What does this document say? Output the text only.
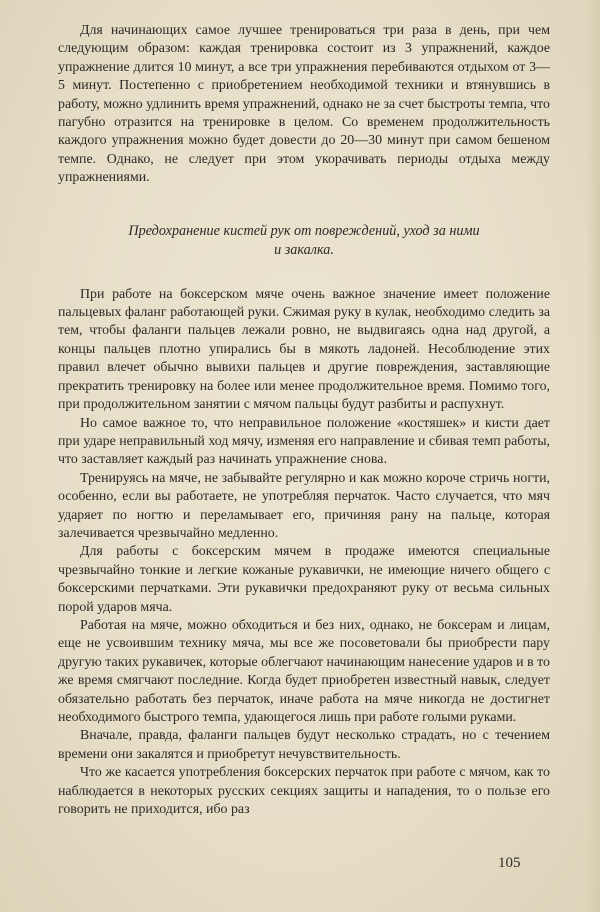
Для начинающих самое лучшее тренироваться три раза в день, при чем следующим образом: каждая тренировка состоит из 3 упражнений, каждое упражнение длится 10 минут, а все три упражнения перебиваются отдыхом от 3—5 минут. Постепенно с приобретением необходимой техники и втянувшись в работу, можно удлинить время упражнений, однако не за счет быстроты темпа, что пагубно отразится на тренировке в целом. Со временем продолжительность каждого упражнения можно будет довести до 20—30 минут при самом бешеном темпе. Однако, не следует при этом укорачивать периоды отдыха между упражнениями.

Предохранение кистей рук от повреждений, уход за ними
и закалка.

При работе на боксерском мяче очень важное значение имеет положение пальцевых фаланг работающей руки. Сжимая руку в кулак, необходимо следить за тем, чтобы фаланги пальцев лежали ровно, не выдвигаясь одна над другой, а концы пальцев плотно упирались бы в мякоть ладоней. Несоблюдение этих правил влечет обычно вывихи пальцев и другие повреждения, заставляющие прекратить тренировку на более или менее продолжительное время. Помимо того, при продолжительном занятии с мячом пальцы будут разбиты и распухнут.

Но самое важное то, что неправильное положение «костяшек» и кисти дает при ударе неправильный ход мячу, изменяя его направление и сбивая темп работы, что заставляет каждый раз начинать упражнение снова.

Тренируясь на мяче, не забывайте регулярно и как можно короче стричь ногти, особенно, если вы работаете, не употребляя перчаток. Часто случается, что мяч ударяет по ногтю и переламывает его, причиняя рану на пальце, которая залечивается чрезвычайно медленно.

Для работы с боксерским мячем в продаже имеются специальные чрезвычайно тонкие и легкие кожаные рукавички, не имеющие ничего общего с боксерскими перчатками. Эти рукавички предохраняют руку от весьма сильных порой ударов мяча.

Работая на мяче, можно обходиться и без них, однако, не боксерам и лицам, еще не усвоившим технику мяча, мы все же посоветовали бы приобрести пару другую таких рукавичек, которые облегчают начинающим нанесение ударов и в то же время смягчают последние. Когда будет приобретен известный навык, следует обязательно работать без перчаток, иначе работа на мяче никогда не достигнет необходимого быстрого темпа, удающегося лишь при работе голыми руками.

Вначале, правда, фаланги пальцев будут несколько страдать, но с течением времени они закалятся и приобретут нечувствительность.

Что же касается употребления боксерских перчаток при работе с мячом, как то наблюдается в некоторых русских секциях защиты и нападения, то о пользе его говорить не приходится, ибо раз

105
